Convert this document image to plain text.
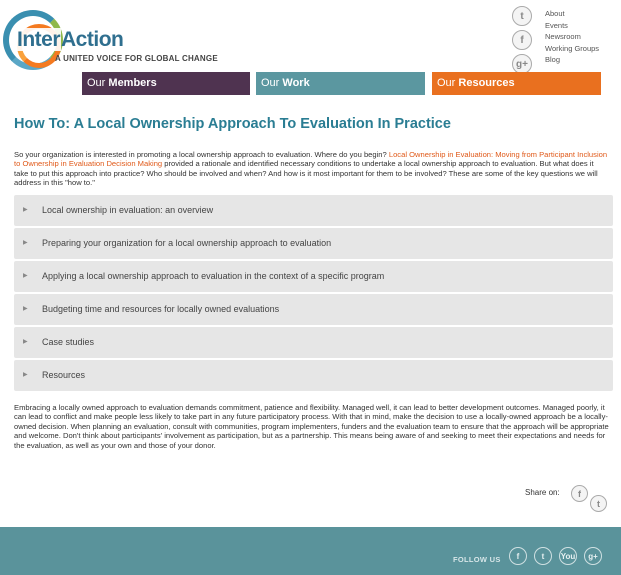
InterAction
A UNITED VOICE FOR GLOBAL CHANGE
t
f
g+
About
Events
Newsroom
Working Groups
Blog
Our Members	Our Work	Our Resources
How To: A Local Ownership Approach To Evaluation In Practice

So your organization is interested in promoting a local ownership approach to evaluation. Where do you begin? Local Ownership in Evaluation: Moving from Participant Inclusion to Ownership in Evaluation Decision Making provided a rationale and identified necessary conditions to undertake a local ownership approach to evaluation. But what does it take to put this approach into practice? Who should be involved and when? And how is it most important for them to be involved? These are some of the key questions we will address in this "how to."

▶ Local ownership in evaluation: an overview
▶ Preparing your organization for a local ownership approach to evaluation
▶ Applying a local ownership approach to evaluation in the context of a specific program
▶ Budgeting time and resources for locally owned evaluations
▶ Case studies
▶ Resources

Embracing a locally owned approach to evaluation demands commitment, patience and flexibility. Managed well, it can lead to better development outcomes. Managed poorly, it can lead to conflict and make people less likely to take part in any future participatory process. With that in mind, make the decision to use a locally-owned approach be a locally-owned decision. When planning an evaluation, consult with communities, program implementers, funders and the evaluation team to ensure that the approach will be appropriate and welcome. Don't think about participants' involvement as participation, but as a partnership. This means being aware of and seeking to meet their expectations and needs for the evaluation, as well as your own and those of your donor.

Share on:	f
t
FOLLOW US	f	t	You	g+
